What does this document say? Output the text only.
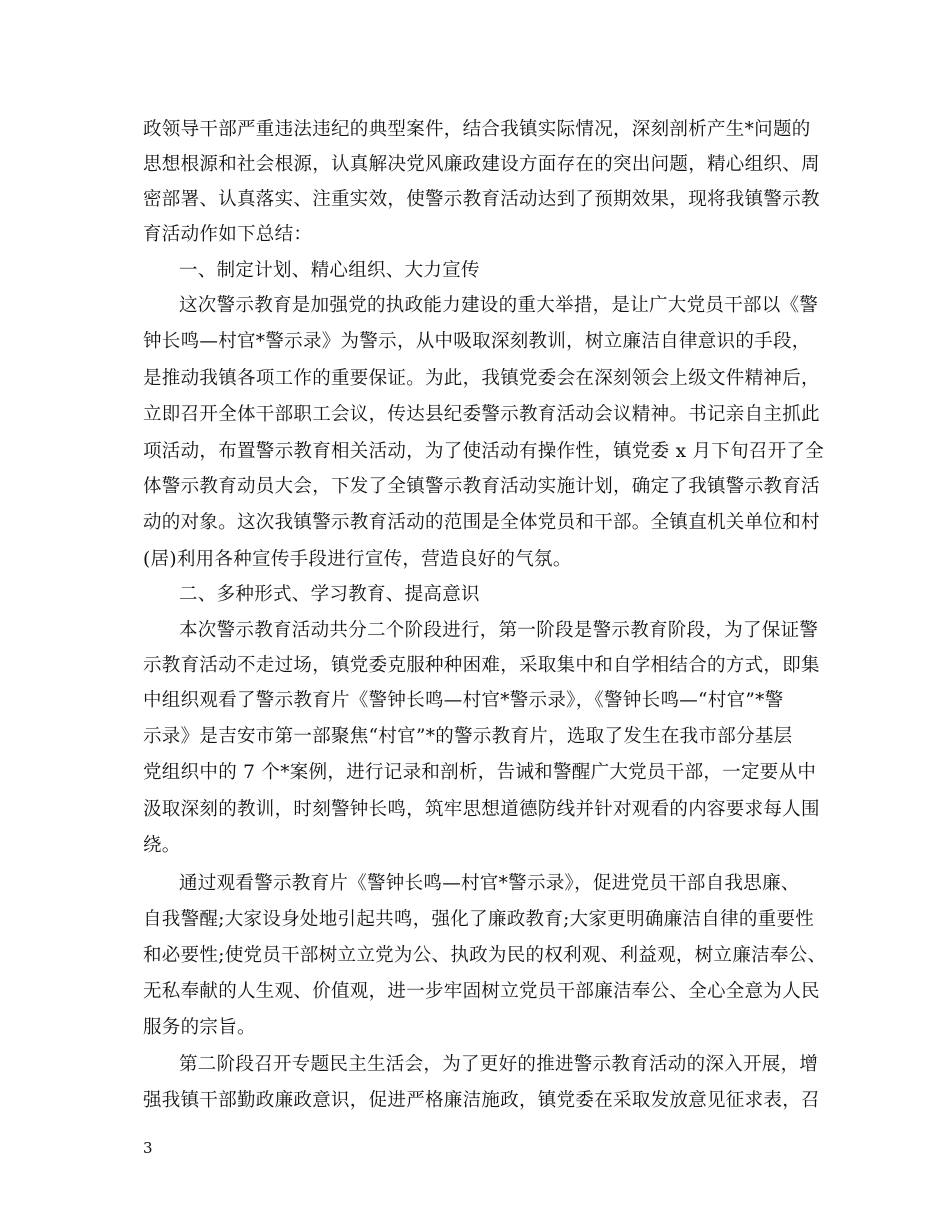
政领导干部严重违法违纪的典型案件，结合我镇实际情况，深刻剖析产生*问题的
思想根源和社会根源，认真解决党风廉政建设方面存在的突出问题，精心组织、周
密部署、认真落实、注重实效，使警示教育活动达到了预期效果，现将我镇警示教
育活动作如下总结：
一、制定计划、精心组织、大力宣传
这次警示教育是加强党的执政能力建设的重大举措，是让广大党员干部以《警
钟长鸣—村官*警示录》为警示，从中吸取深刻教训，树立廉洁自律意识的手段，
是推动我镇各项工作的重要保证。为此，我镇党委会在深刻领会上级文件精神后，
立即召开全体干部职工会议，传达县纪委警示教育活动会议精神。书记亲自主抓此
项活动，布置警示教育相关活动，为了使活动有操作性，镇党委 x 月下旬召开了全
体警示教育动员大会，下发了全镇警示教育活动实施计划，确定了我镇警示教育活
动的对象。这次我镇警示教育活动的范围是全体党员和干部。全镇直机关单位和村
(居)利用各种宣传手段进行宣传，营造良好的气氛。
二、多种形式、学习教育、提高意识
本次警示教育活动共分二个阶段进行，第一阶段是警示教育阶段，为了保证警
示教育活动不走过场，镇党委克服种种困难，采取集中和自学相结合的方式，即集
中组织观看了警示教育片《警钟长鸣—村官*警示录》，《警钟长鸣—“村官”*警
示录》是吉安市第一部聚焦“村官”*的警示教育片，选取了发生在我市部分基层
党组织中的 7 个*案例，进行记录和剖析，告诫和警醒广大党员干部，一定要从中
汲取深刻的教训，时刻警钟长鸣，筑牢思想道德防线并针对观看的内容要求每人围
绕。
通过观看警示教育片《警钟长鸣—村官*警示录》，促进党员干部自我思廉、
自我警醒;大家设身处地引起共鸣，强化了廉政教育;大家更明确廉洁自律的重要性
和必要性;使党员干部树立立党为公、执政为民的权利观、利益观，树立廉洁奉公、
无私奉献的人生观、价值观，进一步牢固树立党员干部廉洁奉公、全心全意为人民
服务的宗旨。
第二阶段召开专题民主生活会，为了更好的推进警示教育活动的深入开展，增
强我镇干部勤政廉政意识，促进严格廉洁施政，镇党委在采取发放意见征求表，召
3
